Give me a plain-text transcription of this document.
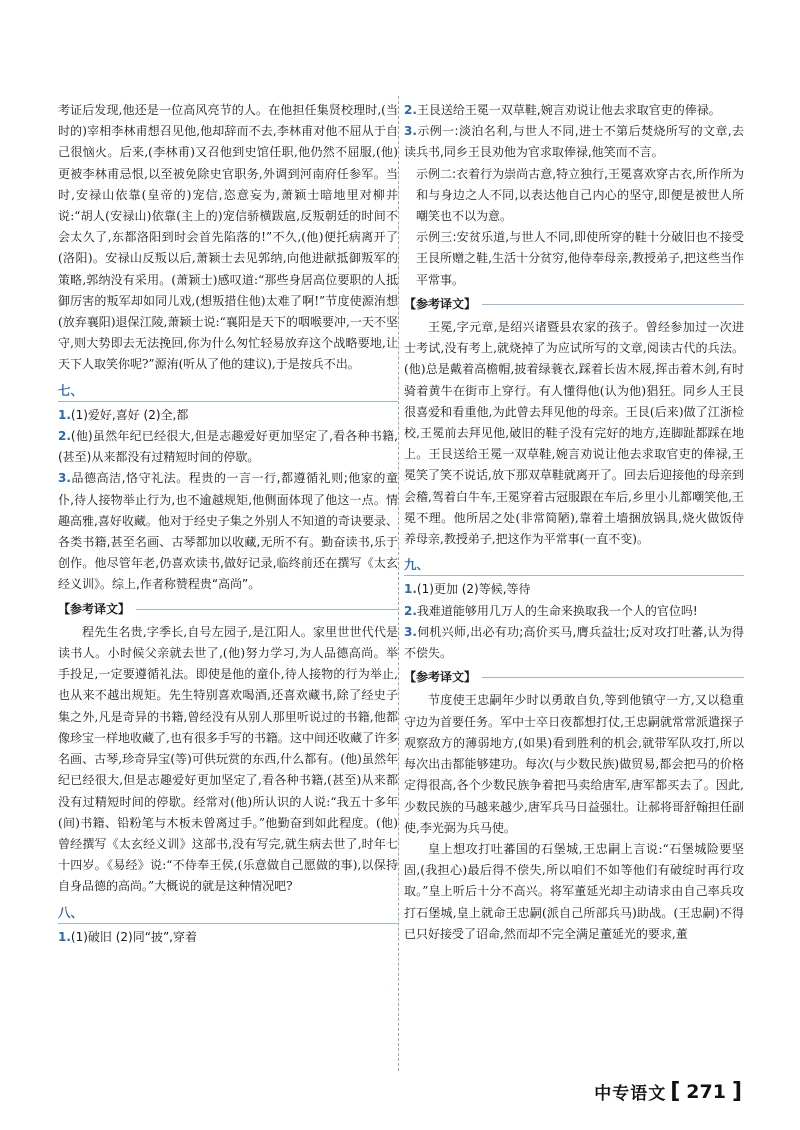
考证后发现,他还是一位高风亮节的人。在他担任集贤校理时,(当时的)宰相李林甫想召见他,他却辞而不去,李林甫对他不屈从于自己很恼火。后来,(李林甫)又召他到史馆任职,他仍然不屈服,(他)更被李林甫忌恨,以至被免除史官职务,外调到河南府任参军。当时,安禄山依靠(皇帝的)宠信,恣意妄为,萧颖士暗地里对柳并说:“胡人(安禄山)依靠(主上的)宠信骄横跋扈,反叛朝廷的时间不会太久了,东都洛阳到时会首先陷落的!”不久,(他)便托病离开了(洛阳)。安禄山反叛以后,萧颖士去见郭纳,向他进献抵御叛军的策略,郭纳没有采用。(萧颖士)感叹道:“那些身居高位要职的人抵御厉害的叛军却如同儿戏,(想叛措住他)太难了啊!”节度使源洧想(放弃襄阳)退保江陵,萧颖士说:“襄阳是天下的咽喉要冲,一天不坚守,则大势即去无法挽回,你为什么匆忙轻易放弃这个战略要地,让天下人取笑你呢?”源洧(听从了他的建议),于是按兵不出。

七、

1.(1)爱好,喜好 (2)全,都

2.(他)虽然年纪已经很大,但是志趣爱好更加坚定了,看各种书籍,(甚至)从来都没有过精短时间的停歇。

3.品德高洁,恪守礼法。程贵的一言一行,都遵循礼则;他家的童仆,待人接物举止行为,也不逾越规矩,他侧面体现了他这一点。情趣高雅,喜好收藏。他对于经史子集之外别人不知道的奇诀要录、各类书籍,甚至名画、古琴都加以收藏,无所不有。勤奋读书,乐于创作。他尽管年老,仍喜欢读书,做好记录,临终前还在撰写《太玄经义训》。综上,作者称赞程贵“高尚”。

【参考译文】

程先生名贵,字季长,自号左园子,是江阳人。家里世世代代是读书人。小时候父亲就去世了,(他)努力学习,为人品德高尚。举手投足,一定要遵循礼法。即使是他的童仆,待人接物的行为举止,也从来不越出规矩。先生特别喜欢喝酒,还喜欢藏书,除了经史子集之外,凡是奇异的书籍,曾经没有从别人那里听说过的书籍,他都像珍宝一样地收藏了,也有很多手写的书籍。这中间还收藏了许多名画、古琴,珍奇异宝(等)可供玩赏的东西,什么都有。(他)虽然年纪已经很大,但是志趣爱好更加坚定了,看各种书籍,(甚至)从来都没有过精短时间的停歇。经常对(他)所认识的人说:“我五十多年(间)书籍、铅粉笔与木板未曾离过手。”他勤奋到如此程度。(他)曾经撰写《太玄经义训》这部书,没有写完,就生病去世了,时年七十四岁。《易经》说:“不侍奉王侯,(乐意做自己愿做的事),以保持自身品德的高尚。”大概说的就是这种情况吧?

八、

1.(1)破旧 (2)同“披”,穿着

2.王艮送给王冕一双草鞋,婉言劝说让他去求取官吏的俸禄。

3.示例一:淡泊名利,与世人不同,进士不第后焚烧所写的文章,去读兵书,同乡王艮劝他为官求取俸禄,他笑而不言。

示例二:衣着行为崇尚古意,特立独行,王冕喜欢穿古衣,所作所为和与身边之人不同,以表达他自己内心的坚守,即便是被世人所嘲笑也不以为意。

示例三:安贫乐道,与世人不同,即使所穿的鞋十分破旧也不接受王艮所赠之鞋,生活十分贫穷,他侍奉母亲,教授弟子,把这些当作平常事。

【参考译文】

王冕,字元章,是绍兴诸暨县农家的孩子。曾经参加过一次进士考试,没有考上,就烧掉了为应试所写的文章,阅读古代的兵法。(他)总是戴着高檐帽,披着绿蓑衣,踩着长齿木屐,挥击着木剑,有时骑着黄牛在街市上穿行。有人懂得他(认为他)猖狂。同乡人王艮很喜爱和看重他,为此曾去拜见他的母亲。王艮(后来)做了江浙检校,王冕前去拜见他,破旧的鞋子没有完好的地方,连脚趾都踩在地上。王艮送给王冕一双草鞋,婉言劝说让他去求取官吏的俸禄,王冕笑了笑不说话,放下那双草鞋就离开了。回去后迎接他的母亲到会稽,驾着白牛车,王冕穿着古冠服跟在车后,乡里小儿都嘲笑他,王冕不理。他所居之处(非常简陋),靠着土墙捆放锅具,烧火做饭侍养母亲,教授弟子,把这作为平常事(一直不变)。

九、

1.(1)更加 (2)等候,等待

2.我难道能够用几万人的生命来换取我一个人的官位吗!

3.伺机兴师,出必有功;高价买马,膺兵益壮;反对攻打吐蕃,认为得不偿失。

【参考译文】

节度使王忠嗣年少时以勇敢自负,等到他镇守一方,又以稳重守边为首要任务。军中士卒日夜都想打仗,王忠嗣就常常派遣探子观察敌方的薄弱地方,(如果)看到胜利的机会,就带军队攻打,所以每次出击都能够建功。每次(与少数民族)做贸易,都会把马的价格定得很高,各个少数民族争着把马卖给唐军,唐军都买去了。因此,少数民族的马越来越少,唐军兵马日益强壮。让郝将哥舒翰担任副使,李光弼为兵马使。

皇上想攻打吐蕃国的石堡城,王忠嗣上言说:“石堡城险要坚固,(我担心)最后得不偿失,所以咱们不如等他们有破绽时再行攻取。”皇上听后十分不高兴。将军董延光却主动请求由自己率兵攻打石堡城,皇上就命王忠嗣(派自己所部兵马)助战。(王忠嗣)不得已只好接受了诏命,然而却不完全满足董延光的要求,董

中专语文 [ 271 ]
